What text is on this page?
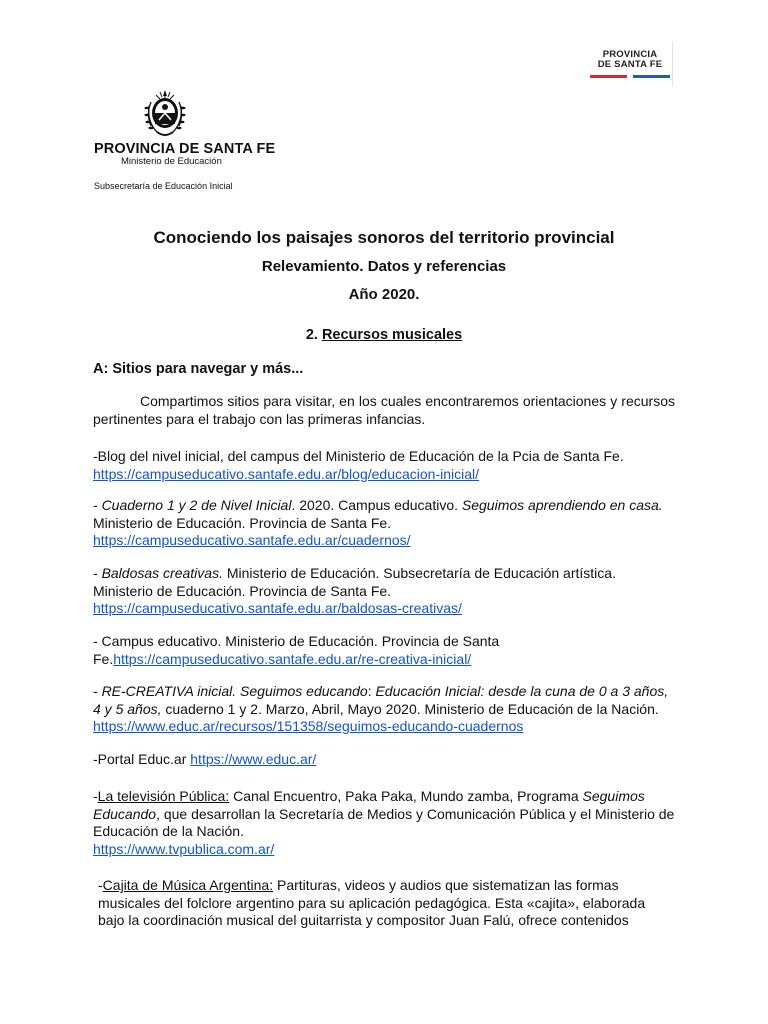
PROVINCIA
DE SANTA FE
PROVINCIA DE SANTA FE
Ministerio de Educación
Subsecretaría de Educación Inicial
Conociendo los paisajes sonoros del territorio provincial
Relevamiento. Datos y referencias
Año 2020.
2. Recursos musicales
A: Sitios para navegar y más...
Compartimos sitios para visitar, en los cuales encontraremos orientaciones y recursos pertinentes para el trabajo con las primeras infancias.
-Blog del nivel inicial, del campus del Ministerio de Educación de la Pcia de Santa Fe.
https://campuseducativo.santafe.edu.ar/blog/educacion-inicial/
- Cuaderno 1 y 2 de Nivel Inicial. 2020. Campus educativo. Seguimos aprendiendo en casa.
Ministerio de Educación. Provincia de Santa Fe.
https://campuseducativo.santafe.edu.ar/cuadernos/
- Baldosas creativas. Ministerio de Educación. Subsecretaría de Educación artística. Ministerio de Educación. Provincia de Santa Fe.
https://campuseducativo.santafe.edu.ar/baldosas-creativas/
- Campus educativo. Ministerio de Educación. Provincia de Santa Fe.https://campuseducativo.santafe.edu.ar/re-creativa-inicial/
- RE-CREATIVA inicial. Seguimos educando: Educación Inicial: desde la cuna de 0 a 3 años, 4 y 5 años, cuaderno 1 y 2. Marzo, Abril, Mayo 2020. Ministerio de Educación de la Nación. https://www.educ.ar/recursos/151358/seguimos-educando-cuadernos
-Portal Educ.ar https://www.educ.ar/
-La televisión Pública: Canal Encuentro, Paka Paka, Mundo zamba, Programa Seguimos Educando, que desarrollan la Secretaría de Medios y Comunicación Pública y el Ministerio de Educación de la Nación.
https://www.tvpublica.com.ar/
-Cajita de Música Argentina: Partituras, videos y audios que sistematizan las formas musicales del folclore argentino para su aplicación pedagógica. Esta «cajita», elaborada bajo la coordinación musical del guitarrista y compositor Juan Falú, ofrece contenidos
